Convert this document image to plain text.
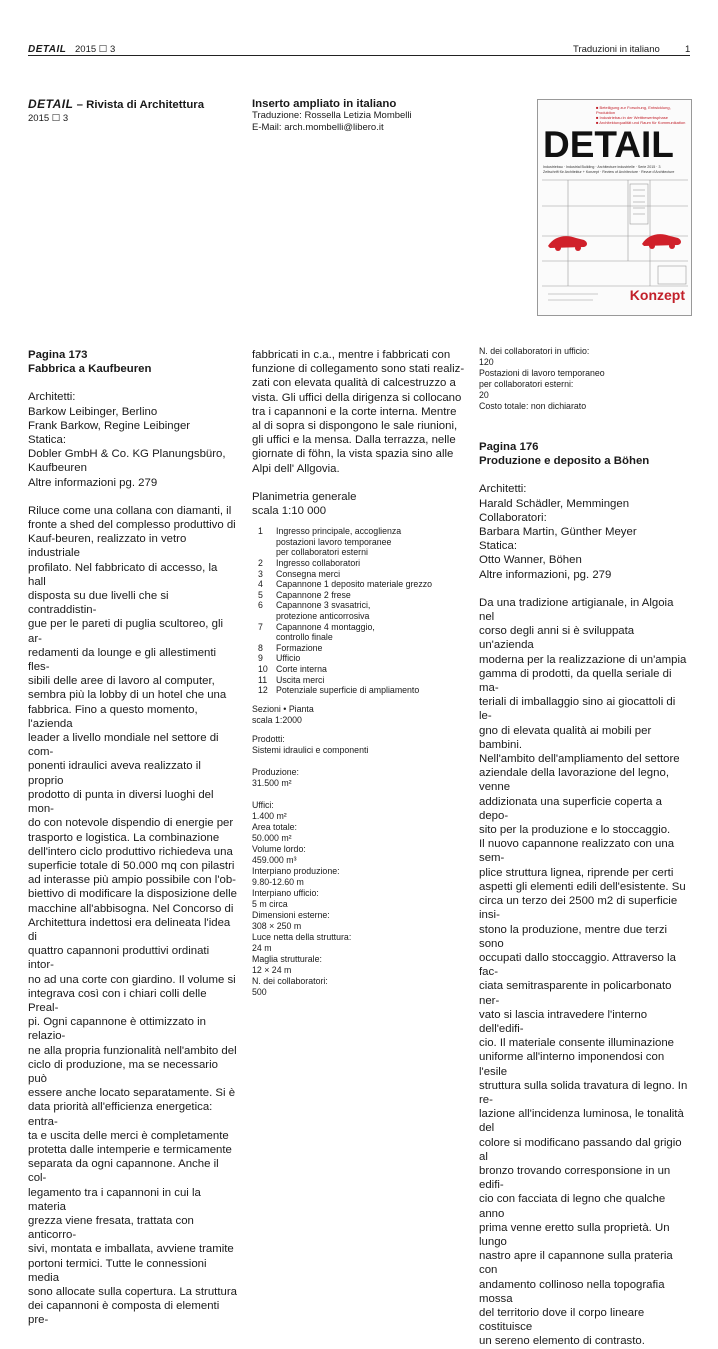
DETAIL 2015 ☐ 3	Traduzioni in italiano	1
DETAIL – Rivista di Architettura
2015 ☐ 3
Inserto ampliato in italiano
Traduzione: Rossella Letizia Mombelli
E-Mail: arch.mombelli@libero.it
■ Beteiligung zur Forschung, Entwicklung, Produktion
■ Industriebau in der Wettbewerbsphase
■ Architekturqualität und Raum für Kommunikation
DETAIL
Industriebau · Industrial Building · Architecture industrielle · Serie 2015 · 3
Zeitschrift für Architektur + Konzept · Review of Architecture · Revue d'Architecture
Konzept
Pagina 173
Fabbrica a Kaufbeuren
Architetti:
Barkow Leibinger, Berlino
Frank Barkow, Regine Leibinger
Statica:
Dobler GmbH & Co. KG Planungsbüro,
Kaufbeuren
Altre informazioni pg. 279
Riluce come una collana con diamanti, il
fronte a shed del complesso produttivo di
Kauf-beuren, realizzato in vetro industriale
profilato. Nel fabbricato di accesso, la hall
disposta su due livelli che si contraddistin-
gue per le pareti di puglia scultoreo, gli ar-
redamenti da lounge e gli allestimenti fles-
sibili delle aree di lavoro al computer,
sembra più la lobby di un hotel che una
fabbrica. Fino a questo momento, l'azienda
leader a livello mondiale nel settore di com-
ponenti idraulici aveva realizzato il proprio
prodotto di punta in diversi luoghi del mon-
do con notevole dispendio di energie per
trasporto e logistica. La combinazione
dell'intero ciclo produttivo richiedeva una
superficie totale di 50.000 mq con pilastri
ad interasse più ampio possibile con l'ob-
biettivo di modificare la disposizione delle
macchine all'abbisogna. Nel Concorso di
Architettura indettosi era delineata l'idea di
quattro capannoni produttivi ordinati intor-
no ad una corte con giardino. Il volume si
integrava così con i chiari colli delle Preal-
pi. Ogni capannone è ottimizzato in relazio-
ne alla propria funzionalità nell'ambito del
ciclo di produzione, ma se necessario può
essere anche locato separatamente. Si è
data priorità all'efficienza energetica: entra-
ta e uscita delle merci è completamente
protetta dalle intemperie e termicamente
separata da ogni capannone. Anche il col-
legamento tra i capannoni in cui la materia
grezza viene fresata, trattata con anticorro-
sivi, montata e imballata, avviene tramite
portoni termici. Tutte le connessioni media
sono allocate sulla copertura. La struttura
dei capannoni è composta di elementi pre-
fabbricati in c.a., mentre i fabbricati con
funzione di collegamento sono stati realiz-
zati con elevata qualità di calcestruzzo a
vista. Gli uffici della dirigenza si collocano
tra i capannoni e la corte interna. Mentre
al di sopra si dispongono le sale riunioni,
gli uffici e la mensa. Dalla terrazza, nelle
giornate di föhn, la vista spazia sino alle
Alpi dell' Allgovia.
Planimetria generale
scala 1:10 000
1	Ingresso principale, accoglienza

postazioni lavoro temporanee

per collaboratori esterni
2	Ingresso collaboratori
3	Consegna merci
4	Capannone 1 deposito materiale grezzo
5	Capannone 2 frese
6	Capannone 3 svasatrici,

protezione anticorrosiva
7	Capannone 4 montaggio,

controllo finale
8	Formazione
9	Ufficio
10 Corte interna
11	Uscita merci
12 Potenziale superficie di ampliamento
Sezioni • Pianta
scala 1:2000
Prodotti:
Sistemi idraulici e componenti

Produzione:
31.500 m²

Uffici:
1.400 m²
Area totale:
50.000 m²
Volume lordo:
459.000 m³
Interpiano produzione:
9.80-12.60 m
Interpiano ufficio:
5 m circa
Dimensioni esterne:
308 × 250 m
Luce netta della struttura:
24 m
Maglia strutturale:
12 × 24 m
N. dei collaboratori:
500
N. dei collaboratori in ufficio:
120
Postazioni di lavoro temporaneo
per collaboratori esterni:
20
Costo totale: non dichiarato
Pagina 176
Produzione e deposito a Böhen
Architetti:
Harald Schädler, Memmingen
Collaboratori:
Barbara Martin, Günther Meyer
Statica:
Otto Wanner, Böhen
Altre informazioni, pg. 279
Da una tradizione artigianale, in Algoia nel
corso degli anni si è sviluppata un'azienda
moderna per la realizzazione di un'ampia
gamma di prodotti, da quella seriale di ma-
teriali di imballaggio sino ai giocattoli di le-
gno di elevata qualità ai mobili per bambini.
Nell'ambito dell'ampliamento del settore
aziendale della lavorazione del legno, venne
addizionata una superficie coperta a depo-
sito per la produzione e lo stoccaggio.
Il nuovo capannone realizzato con una sem-
plice struttura lignea, riprende per certi
aspetti gli elementi edili dell'esistente. Su
circa un terzo dei 2500 m2 di superficie insi-
stono la produzione, mentre due terzi sono
occupati dallo stoccaggio. Attraverso la fac-
ciata semitrasparente in policarbonato ner-
vato si lascia intravedere l'interno dell'edifi-
cio. Il materiale consente illuminazione
uniforme all'interno imponendosi con l'esile
struttura sulla solida travatura di legno. In re-
lazione all'incidenza luminosa, le tonalità del
colore si modificano passando dal grigio al
bronzo trovando corresponsione in un edifi-
cio con facciata di legno che qualche anno
prima venne eretto sulla proprietà. Un lungo
nastro apre il capannone sulla prateria con
andamento collinoso nella topografia mossa
del territorio dove il corpo lineare costituisce
un sereno elemento di contrasto.
